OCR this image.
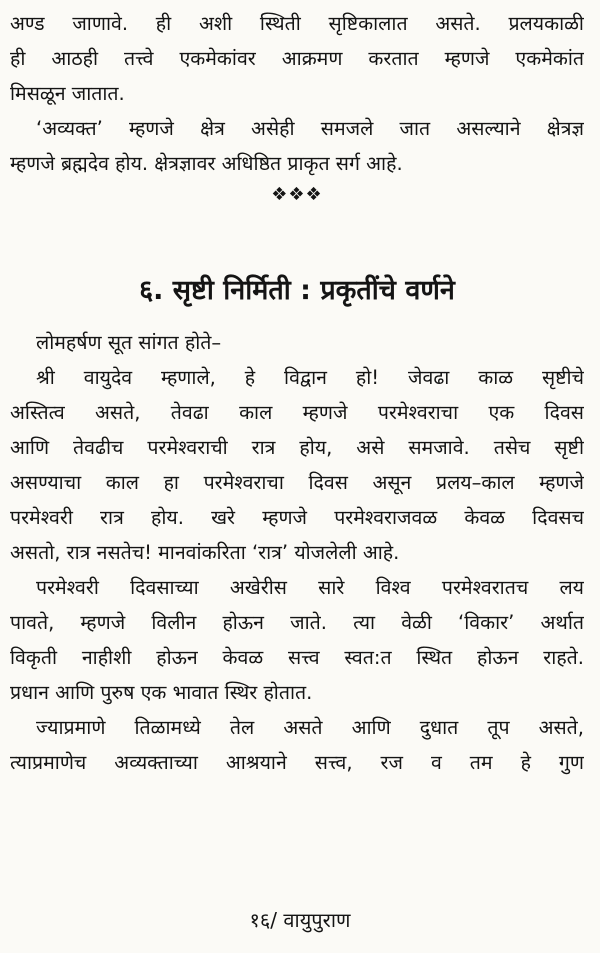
अण्ड जाणावे. ही अशी स्थिती सृष्टिकालात असते. प्रलयकाळी
ही आठही तत्त्वे एकमेकांवर आक्रमण करतात म्हणजे एकमेकांत
मिसळून जातात.
‘अव्यक्त’ म्हणजे क्षेत्र असेही समजले जात असल्याने क्षेत्रज्ञ
म्हणजे ब्रह्मदेव होय. क्षेत्रज्ञावर अधिष्ठित प्राकृत सर्ग आहे.
❖❖❖
६. सृष्टी निर्मिती : प्रकृतींचे वर्णने
लोमहर्षण सूत सांगत होते–
श्री वायुदेव म्हणाले, हे विद्वान हो! जेवढा काळ सृष्टीचे
अस्तित्व असते, तेवढा काल म्हणजे परमेश्वराचा एक दिवस
आणि तेवढीच परमेश्वराची रात्र होय, असे समजावे. तसेच सृष्टी
असण्याचा काल हा परमेश्वराचा दिवस असून प्रलय–काल म्हणजे
परमेश्वरी रात्र होय. खरे म्हणजे परमेश्वराजवळ केवळ दिवसच
असतो, रात्र नसतेच! मानवांकरिता ‘रात्र’ योजलेली आहे.
परमेश्वरी दिवसाच्या अखेरीस सारे विश्व परमेश्वरातच लय
पावते, म्हणजे विलीन होऊन जाते. त्या वेळी ‘विकार’ अर्थात
विकृती नाहीशी होऊन केवळ सत्त्व स्वत:त स्थित होऊन राहते.
प्रधान आणि पुरुष एक भावात स्थिर होतात.
ज्याप्रमाणे तिळामध्ये तेल असते आणि दुधात तूप असते,
त्याप्रमाणेच अव्यक्ताच्या आश्रयाने सत्त्व, रज व तम हे गुण
१६/ वायुपुराण
